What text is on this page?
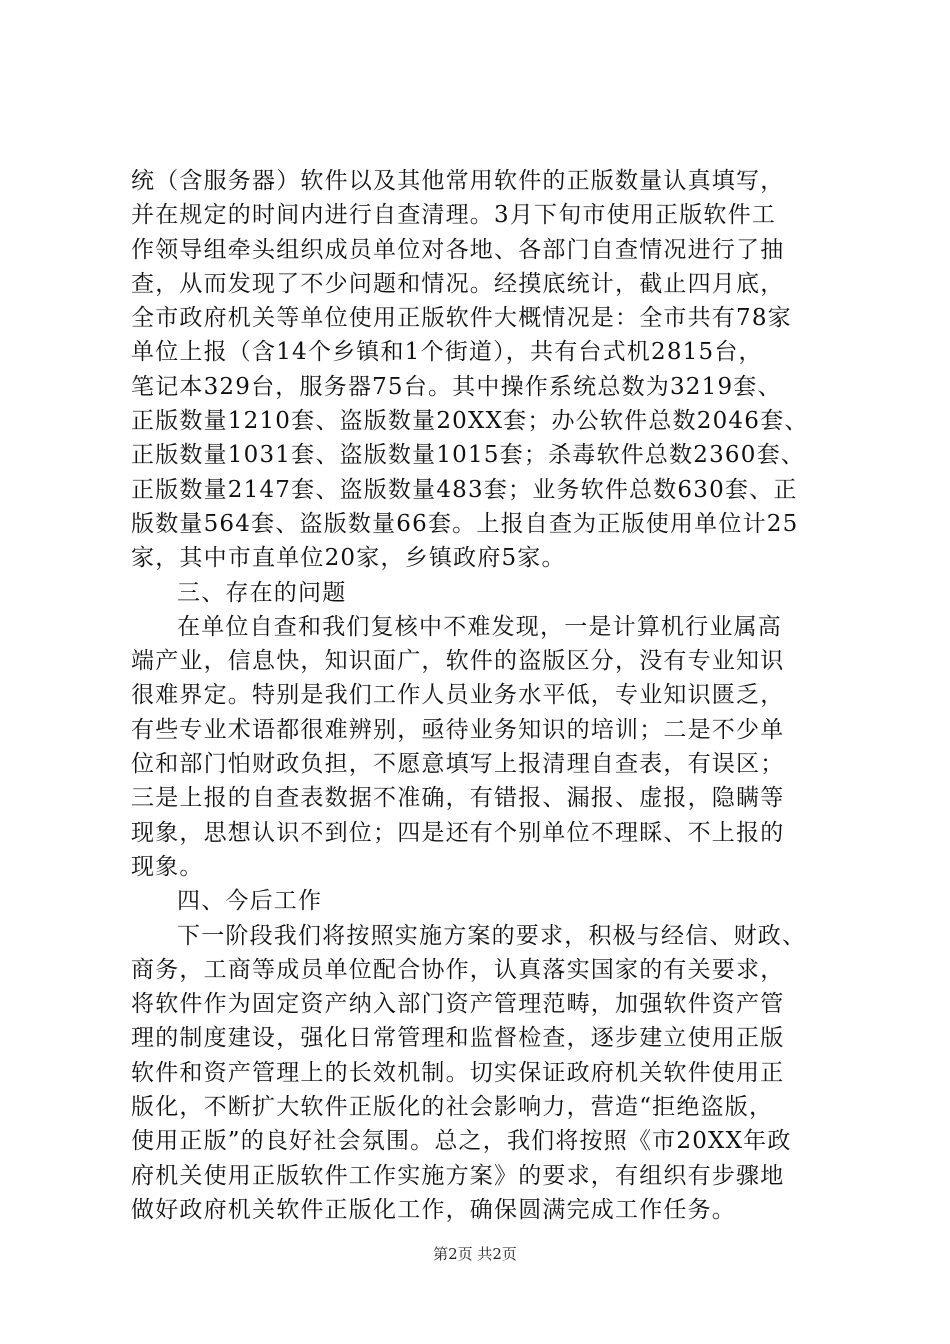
统（含服务器）软件以及其他常用软件的正版数量认真填写，
并在规定的时间内进行自查清理。3月下旬市使用正版软件工
作领导组牵头组织成员单位对各地、各部门自查情况进行了抽
查，从而发现了不少问题和情况。经摸底统计，截止四月底，
全市政府机关等单位使用正版软件大概情况是：全市共有78家
单位上报（含14个乡镇和1个街道），共有台式机2815台，
笔记本329台，服务器75台。其中操作系统总数为3219套、
正版数量1210套、盗版数量20XX套；办公软件总数2046套、
正版数量1031套、盗版数量1015套；杀毒软件总数2360套、
正版数量2147套、盗版数量483套；业务软件总数630套、正
版数量564套、盗版数量66套。上报自查为正版使用单位计25
家，其中市直单位20家，乡镇政府5家。
三、存在的问题
在单位自查和我们复核中不难发现，一是计算机行业属高
端产业，信息快，知识面广，软件的盗版区分，没有专业知识
很难界定。特别是我们工作人员业务水平低，专业知识匮乏，
有些专业术语都很难辨别，亟待业务知识的培训；二是不少单
位和部门怕财政负担，不愿意填写上报清理自查表，有误区；
三是上报的自查表数据不准确，有错报、漏报、虚报，隐瞒等
现象，思想认识不到位；四是还有个别单位不理睬、不上报的
现象。
四、今后工作
下一阶段我们将按照实施方案的要求，积极与经信、财政、
商务，工商等成员单位配合协作，认真落实国家的有关要求，
将软件作为固定资产纳入部门资产管理范畴，加强软件资产管
理的制度建设，强化日常管理和监督检查，逐步建立使用正版
软件和资产管理上的长效机制。切实保证政府机关软件使用正
版化，不断扩大软件正版化的社会影响力，营造“拒绝盗版，
使用正版”的良好社会氛围。总之，我们将按照《市20XX年政
府机关使用正版软件工作实施方案》的要求，有组织有步骤地
做好政府机关软件正版化工作，确保圆满完成工作任务。
第2页 共2页
